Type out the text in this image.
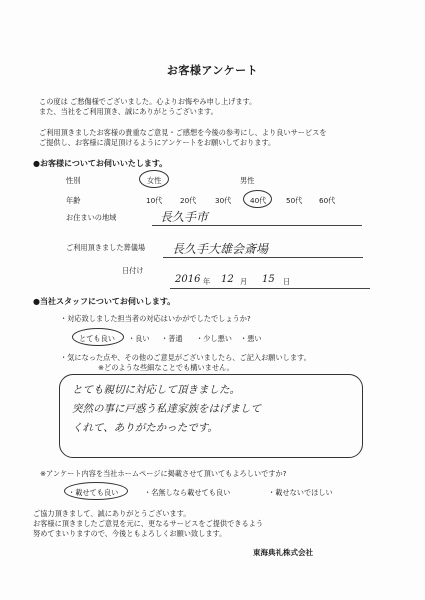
お客様アンケート
この度は ご愁傷様でございました。心よりお悔やみ申し上げます。
また、当社をご利用頂き、誠にありがとうございます。
ご利用頂きましたお客様の貴重なご意見・ご感想を今後の参考にし、より良いサービスを
ご提供し、お客様に満足頂けるようにアンケートをお願いしております。
●お客様についてお伺いいたします。
性別	女性	男性
年齢	10代 20代	30代	40代	50代 60代
お住まいの地域	長久手市
ご利用頂きました葬儀場 長久手大雄会斎場
日付け
2016 年 12 月 15 日
●当社スタッフについてお伺いします。
・対応致しました担当者の対応はいかがでしたでしょうか?
とても良い ・良い ・普通 ・少し悪い ・悪い
・気になった点や、その他のご意見がございましたら、ご記入お願いします。
※どのような些細なことでも構いません。
とても親切に対応して頂きました。
突然の事に戸惑う私達家族をはげまして
くれて、ありがたかったです。
※アンケート内容を当社ホームページに掲載させて頂いてもよろしいですか?
・載せても良い	・名無しなら載せても良い	・載せないでほしい
ご協力頂きまして、誠にありがとうございます。
お客様に頂きましたご意見を元に、更なるサービスをご提供できるよう
努めてまいりますので、今後ともよろしくお願い致します。
東海典礼株式会社
